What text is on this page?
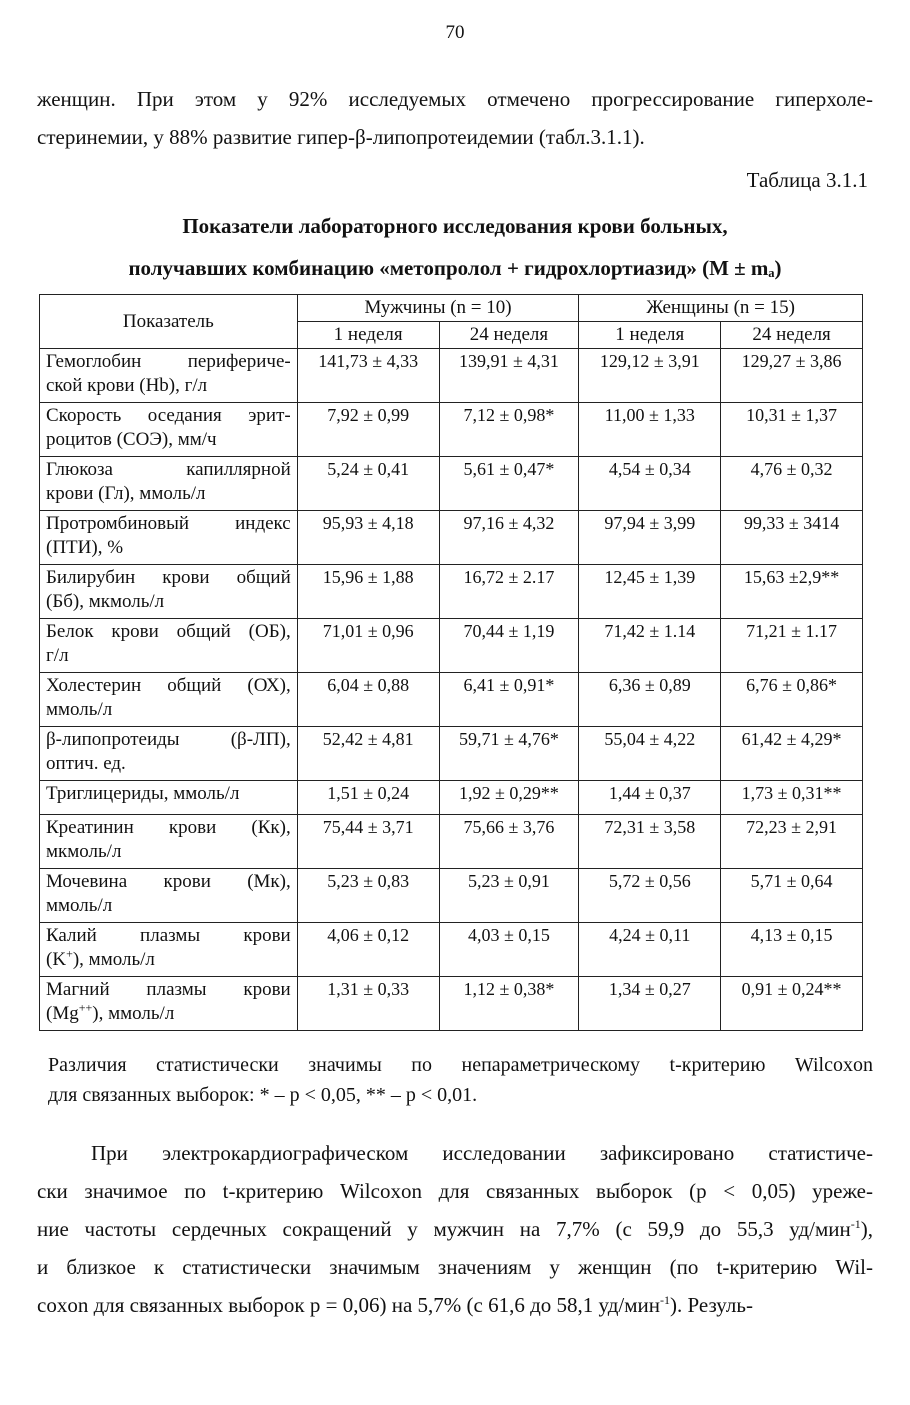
70
женщин. При этом у 92% исследуемых отмечено прогрессирование гиперхоле-
стеринемии, у 88% развитие гипер-β-липопротеидемии (табл.3.1.1).
Таблица 3.1.1
Показатели лабораторного исследования крови больных,
получавших комбинацию «метопролол + гидрохлортиазид» (М ± mₐ)
Показатель	Мужчины (n = 10)		Женщины (n = 15)	
	1 неделя	24 неделя	1 неделя	24 неделя

Гемоглобин периферичe-
ской крови (Hb), г/л	141,73 ± 4,33	139,91 ± 4,31	129,12 ± 3,91	129,27 ± 3,86

Скорость оседания эрит-
роцитов (СОЭ), мм/ч	7,92 ± 0,99	7,12 ± 0,98*	11,00 ± 1,33	10,31 ± 1,37

Глюкоза капиллярной
крови (Гл), ммоль/л	5,24 ± 0,41	5,61 ± 0,47*	4,54 ± 0,34	4,76 ± 0,32

Протромбиновый индекс
(ПТИ), %	95,93 ± 4,18	97,16 ± 4,32	97,94 ± 3,99	99,33 ± 3414

Билирубин крови общий
(Бб), мкмоль/л	15,96 ± 1,88	16,72 ± 2.17	12,45 ± 1,39	15,63 ±2,9**

Белок крови общий (ОБ),
г/л	71,01 ± 0,96	70,44 ± 1,19	71,42 ± 1.14	71,21 ± 1.17

Холестерин общий (ОХ),
ммоль/л	6,04 ± 0,88	6,41 ± 0,91*	6,36 ± 0,89	6,76 ± 0,86*

β-липопротеиды (β-ЛП),
оптич. ед.	52,42 ± 4,81	59,71 ± 4,76*	55,04 ± 4,22	61,42 ± 4,29*

Триглицериды, ммоль/л	1,51 ± 0,24	1,92 ± 0,29**	1,44 ± 0,37	1,73 ± 0,31**

Креатинин крови (Кк),
мкмоль/л	75,44 ± 3,71	75,66 ± 3,76	72,31 ± 3,58	72,23 ± 2,91

Мочевина крови (Мк),
ммоль/л	5,23 ± 0,83	5,23 ± 0,91	5,72 ± 0,56	5,71 ± 0,64

Калий плазмы крови
(K+), ммоль/л	4,06 ± 0,12	4,03 ± 0,15	4,24 ± 0,11	4,13 ± 0,15

Магний плазмы крови
(Mg++), ммоль/л	1,31 ± 0,33	1,12 ± 0,38*	1,34 ± 0,27	0,91 ± 0,24**
Различия статистически значимы по непараметрическому t-критерию Wilcoxon
для связанных выборок: * – p < 0,05, ** – p < 0,01.
При электрокардиографическом исследовании зафиксировано статистиче-
ски значимое по t-критерию Wilcoxon для связанных выборок (p < 0,05) уреже-
ние частоты сердечных сокращений у мужчин на 7,7% (с 59,9 до 55,3 уд/мин$^{-1}$),
и близкое к статистически значимым значениям у женщин (по t-критерию Wil-
coxon для связанных выборок p = 0,06) на 5,7% (с 61,6 до 58,1 уд/мин$^{-1}$). Резуль-
